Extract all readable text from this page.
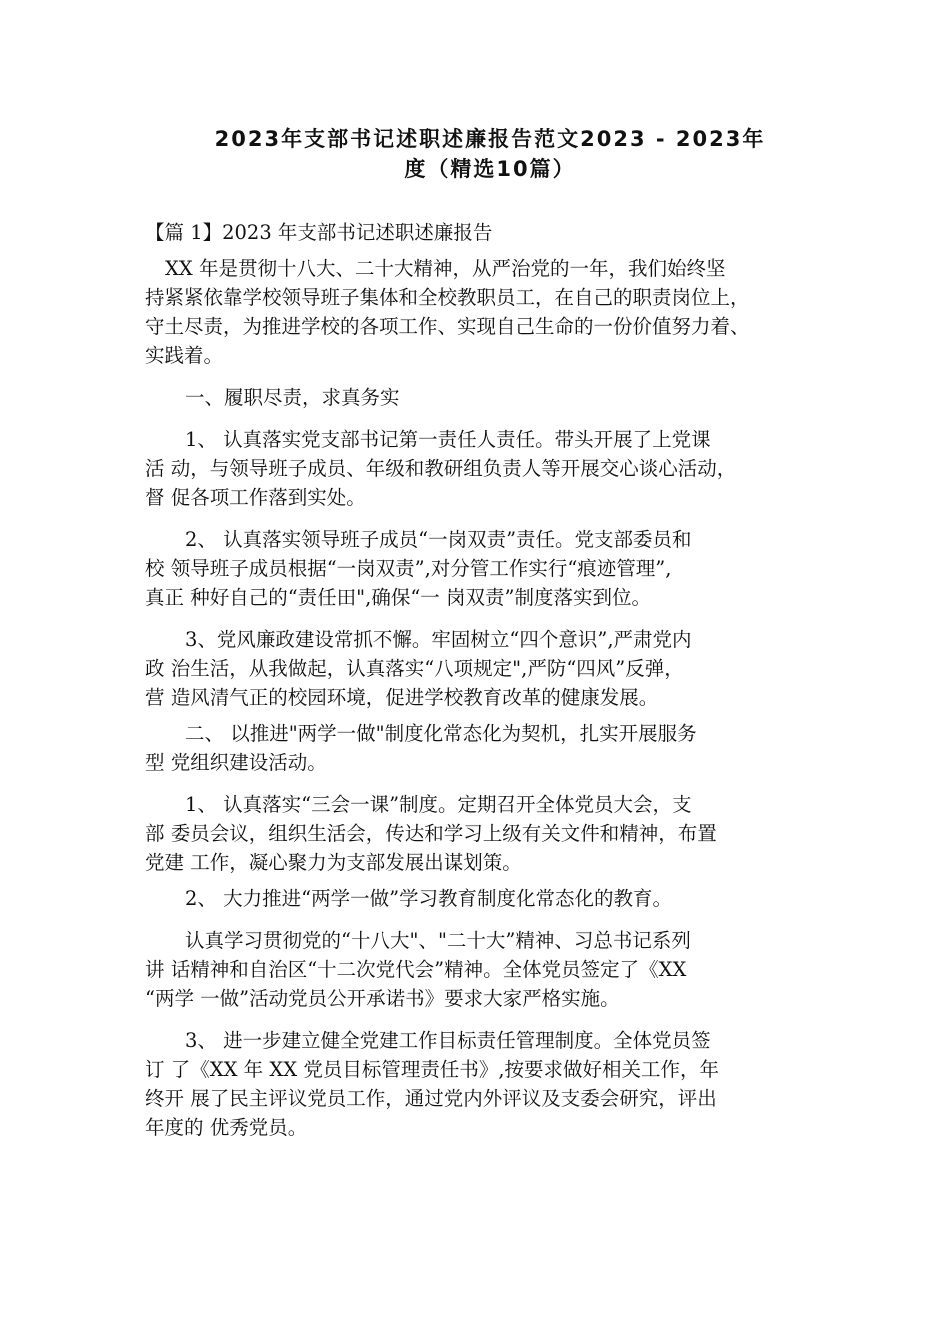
2023年支部书记述职述廉报告范文2023 - 2023年
度（精选10篇）

【篇 1】2023 年支部书记述职述廉报告

XX 年是贯彻十八大、二十大精神，从严治党的一年，我们始终坚

持紧紧依靠学校领导班子集体和全校教职员工，在自己的职责岗位上，

守土尽责，为推进学校的各项工作、实现自己生命的一份价值努力着、

实践着。

一、履职尽责，求真务实

1、 认真落实党支部书记第一责任人责任。带头开展了上党课

活 动，与领导班子成员、年级和教研组负责人等开展交心谈心活动，

督 促各项工作落到实处。

2、 认真落实领导班子成员“一岗双责”责任。党支部委员和

校 领导班子成员根据“一岗双责”,对分管工作实行“痕迹管理”,

真正 种好自己的“责任田",确保“一 岗双责”制度落实到位。

3、党风廉政建设常抓不懈。牢固树立“四个意识”,严肃党内

政 治生活，从我做起，认真落实“八项规定",严防“四风”反弹，

营 造风清气正的校园环境，促进学校教育改革的健康发展。

二、 以推进"两学一做"制度化常态化为契机，扎实开展服务

型 党组织建设活动。

1、 认真落实“三会一课”制度。定期召开全体党员大会，支

部 委员会议，组织生活会，传达和学习上级有关文件和精神，布置

党建 工作，凝心聚力为支部发展出谋划策。

2、 大力推进“两学一做”学习教育制度化常态化的教育。

认真学习贯彻党的“十八大"、"二十大”精神、习总书记系列

讲 话精神和自治区“十二次党代会”精神。全体党员签定了《XX

“两学 一做”活动党员公开承诺书》要求大家严格实施。

3、 进一步建立健全党建工作目标责任管理制度。全体党员签

订 了《XX 年 XX 党员目标管理责任书》,按要求做好相关工作，年

终开 展了民主评议党员工作，通过党内外评议及支委会研究，评出

年度的 优秀党员。
